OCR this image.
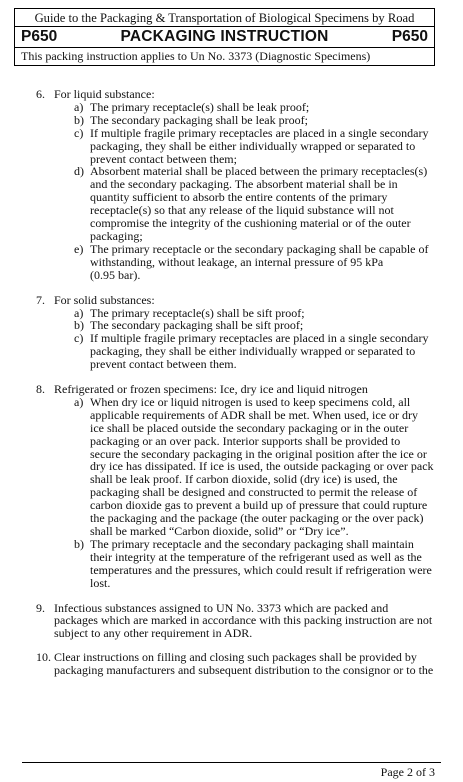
Guide to the Packaging & Transportation of Biological Specimens by Road
P650	PACKAGING INSTRUCTION	P650
This packing instruction applies to Un No. 3373 (Diagnostic Specimens)
6. For liquid substance:
a) The primary receptacle(s) shall be leak proof;
b) The secondary packaging shall be leak proof;
c) If multiple fragile primary receptacles are placed in a single secondary
packaging, they shall be either individually wrapped or separated to
prevent contact between them;
d) Absorbent material shall be placed between the primary receptacles(s)
and the secondary packaging. The absorbent material shall be in
quantity sufficient to absorb the entire contents of the primary
receptacle(s) so that any release of the liquid substance will not
compromise the integrity of the cushioning material or of the outer
packaging;
e) The primary receptacle or the secondary packaging shall be capable of
withstanding, without leakage, an internal pressure of 95 kPa
(0.95 bar).
7. For solid substances:
a) The primary receptacle(s) shall be sift proof;
b) The secondary packaging shall be sift proof;
c) If multiple fragile primary receptacles are placed in a single secondary
packaging, they shall be either individually wrapped or separated to
prevent contact between them.
8. Refrigerated or frozen specimens: Ice, dry ice and liquid nitrogen
a) When dry ice or liquid nitrogen is used to keep specimens cold, all
applicable requirements of ADR shall be met. When used, ice or dry
ice shall be placed outside the secondary packaging or in the outer
packaging or an over pack. Interior supports shall be provided to
secure the secondary packaging in the original position after the ice or
dry ice has dissipated. If ice is used, the outside packaging or over pack
shall be leak proof. If carbon dioxide, solid (dry ice) is used, the
packaging shall be designed and constructed to permit the release of
carbon dioxide gas to prevent a build up of pressure that could rupture
the packaging and the package (the outer packaging or the over pack)
shall be marked “Carbon dioxide, solid” or “Dry ice”.
b) The primary receptacle and the secondary packaging shall maintain
their integrity at the temperature of the refrigerant used as well as the
temperatures and the pressures, which could result if refrigeration were
lost.
9. Infectious substances assigned to UN No. 3373 which are packed and
packages which are marked in accordance with this packing instruction are not
subject to any other requirement in ADR.
10. Clear instructions on filling and closing such packages shall be provided by
packaging manufacturers and subsequent distribution to the consignor or to the
Page 2 of 3
